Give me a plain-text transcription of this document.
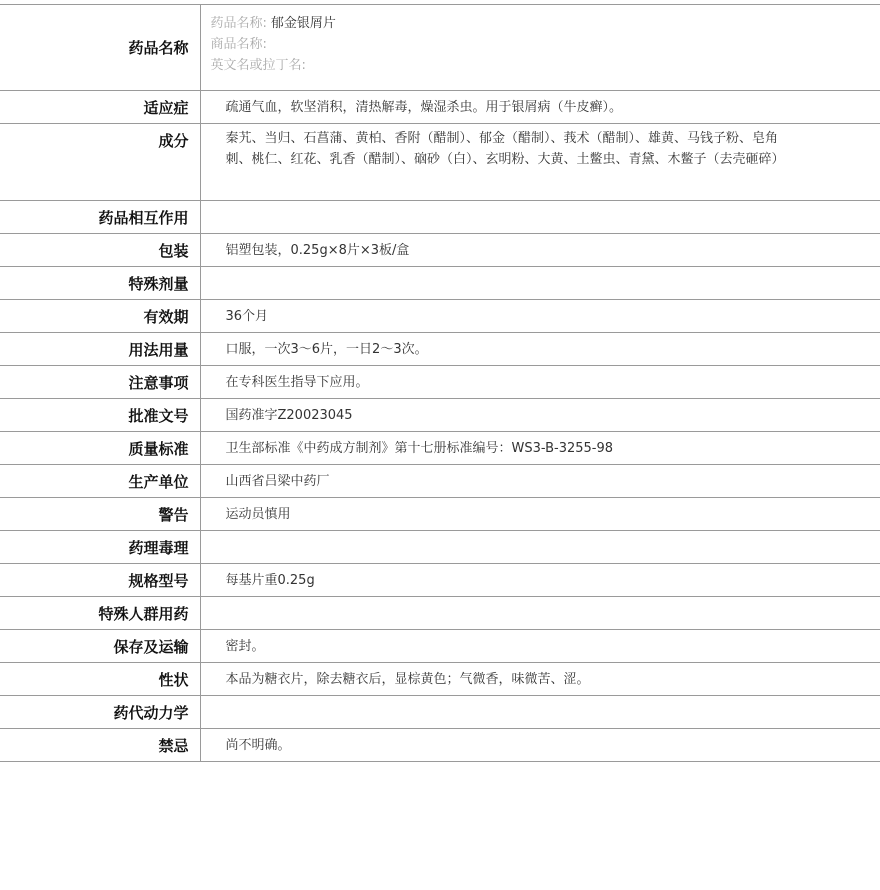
药品名称	药品名称: 郁金银屑片
商品名称:
英文名或拉丁名:

适应症	疏通气血，软坚消积，清热解毒，燥湿杀虫。用于银屑病（牛皮癣）。
成分	秦艽、当归、石菖蒲、黄柏、香附（醋制）、郁金（醋制）、莪术（醋制）、雄黄、马钱子粉、皂角刺、桃仁、红花、乳香（醋制）、硇砂（白）、玄明粉、大黄、土鳖虫、青黛、木鳖子（去壳砸碎）
药品相互作用	
包装	铝塑包装，0.25g×8片×3板/盒
特殊剂量	
有效期	36个月
用法用量	口服，一次3～6片，一日2～3次。
注意事项	在专科医生指导下应用。
批准文号	国药准字Z20023045
质量标准	卫生部标准《中药成方制剂》第十七册标准编号：WS3-B-3255-98
生产单位	山西省吕梁中药厂
警告	运动员慎用
药理毒理	
规格型号	每基片重0.25g
特殊人群用药	
保存及运输	密封。
性状	本品为糖衣片，除去糖衣后，显棕黄色；气微香，味微苦、涩。
药代动力学	
禁忌	尚不明确。
